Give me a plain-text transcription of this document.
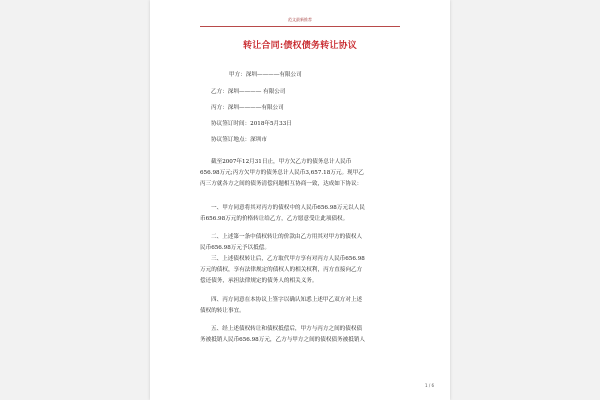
范文最新推荐
转让合同:债权债务转让协议
甲方：深圳————有限公司
乙方：深圳———— 有限公司
丙方：深圳————有限公司
协议签订时间：2018年5月33日
协议签订地点：深圳市
截至2007年12月31日止，甲方欠乙方的债务总计人民币
656.98万元;丙方欠甲方的债务总计人民币3,657.18万元。现甲乙
丙三方就各方之间的债务清偿问题相互协商一致，达成如下协议：
一、甲方同意将其对丙方的债权中的人民币656.98万元以人民
币656.98万元的价格转让给乙方，乙方愿意受让此项债权。
二、上述第一条中债权转让的价款由乙方用其对甲方的债权人
民币656.98万元予以抵偿。
三、上述债权转让后，乙方取代甲方享有对丙方人民币656.98
万元的债权，享有法律规定的债权人的相关权利，丙方直接向乙方
偿还债务，承担法律规定的债务人的相关义务。
四、丙方同意在本协议上签字以确认知悉上述甲乙双方对上述
债权的转让事宜。
五、经上述债权转让和债权抵偿后，甲方与丙方之间的债权债
务被抵销人民币656.98万元，乙方与甲方之间的债权债务被抵销人
1 / 6
